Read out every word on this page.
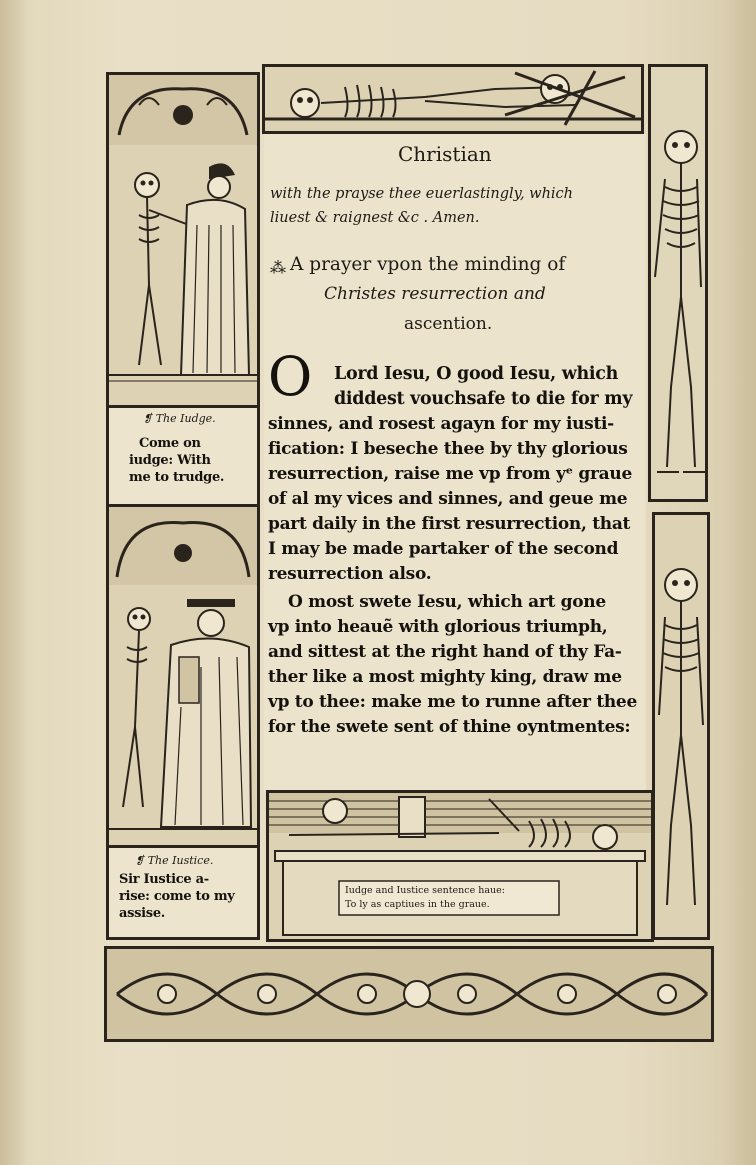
❡ The Iudge.
Come on
iudge: With
me to trudge.
❡ The Iustice.
Sir Iustice a-
rise: come to my
assise.
Christian
with the prayse thee euerlastingly, which
liuest & raignest &c . Amen.
⁂ A prayer vpon the minding of
Christes resurrection and
ascention.
O Lord Iesu, O good Iesu, which
diddest vouchsafe to die for my
sinnes, and rosest agayn for my iusti-
fication: I beseche thee by thy glorious
resurrection, raise me vp from yᵉ graue
of al my vices and sinnes, and geue me
part daily in the first resurrection, that
I may be made partaker of the second
resurrection also.
O most swete Iesu, which art gone
vp into heauẽ with glorious triumph,
and sittest at the right hand of thy Fa-
ther like a most mighty king, draw me
vp to thee: make me to runne after thee
for the swete sent of thine oyntmentes:
Iudge and Iustice sentence haue:
To ly as captiues in the graue.
